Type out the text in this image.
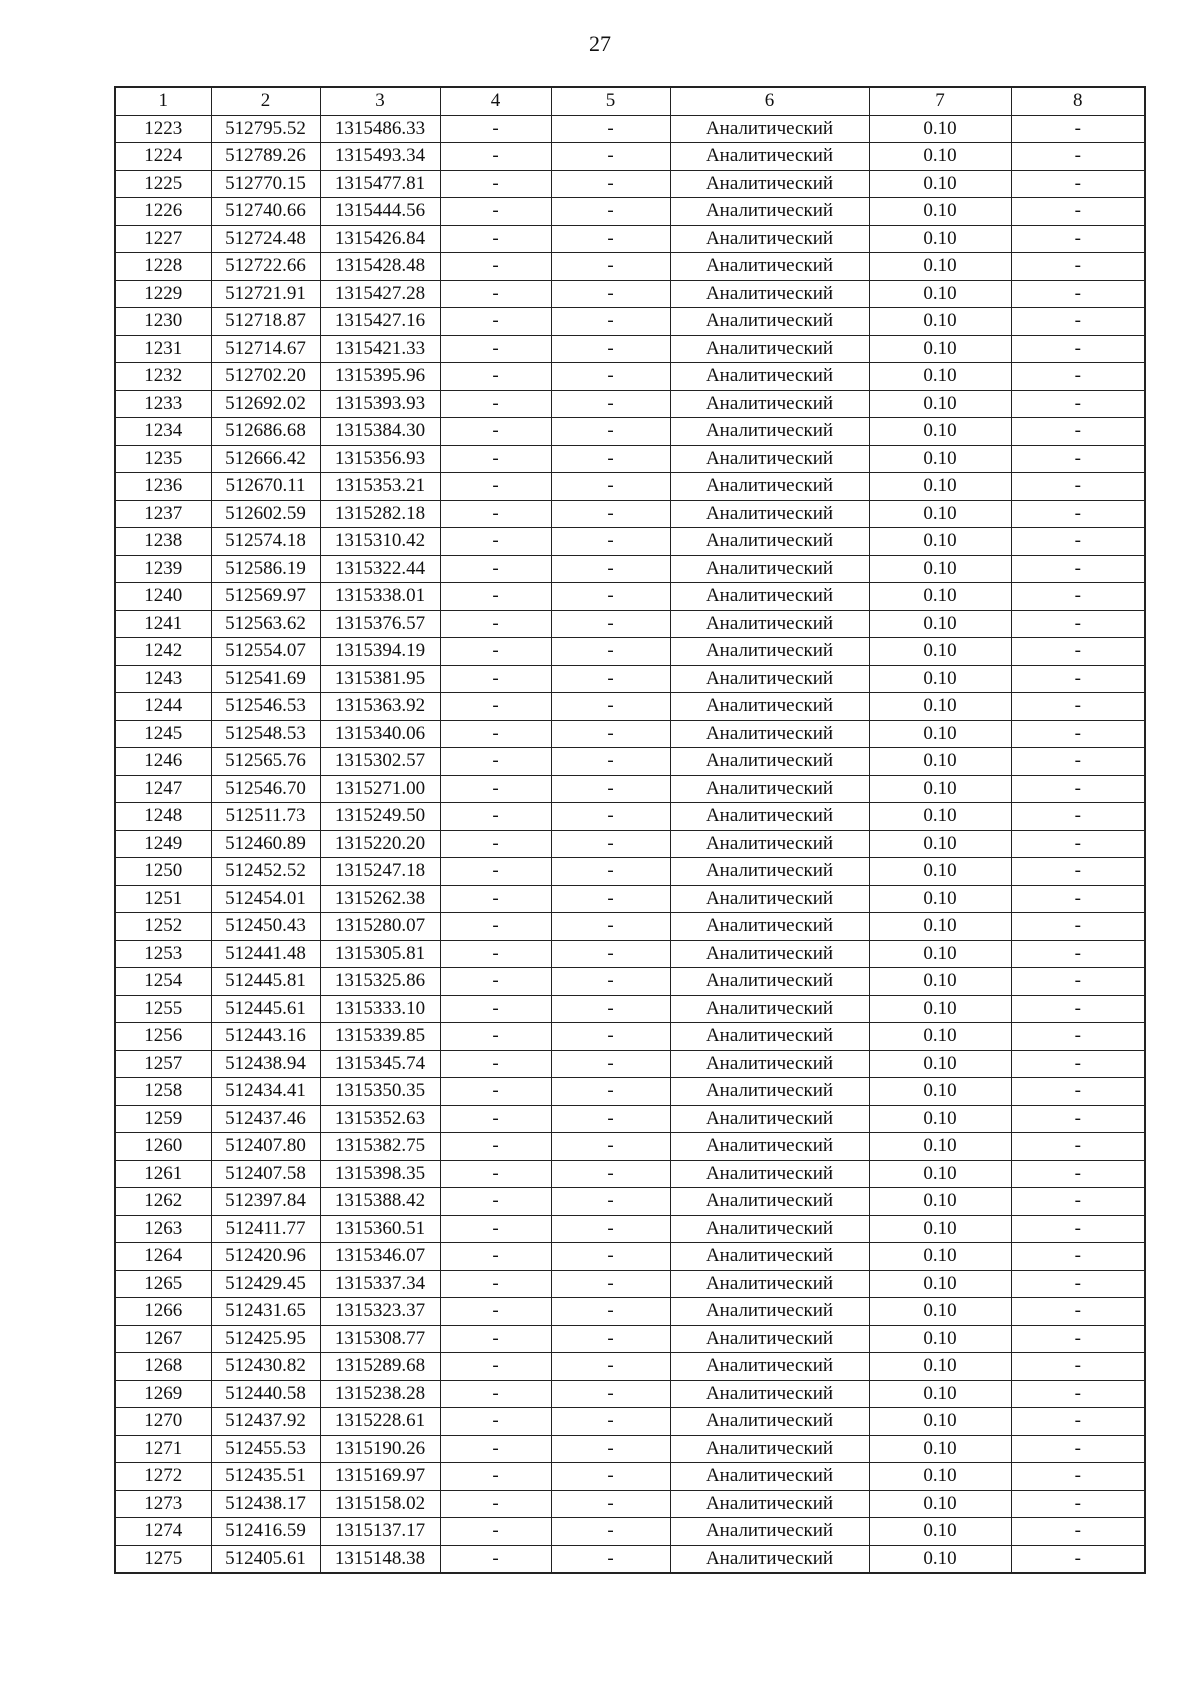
27
1	2	3	4	5	6	7	8
1223	512795.52	1315486.33	-	-	Аналитический	0.10	-
1224	512789.26	1315493.34	-	-	Аналитический	0.10	-
1225	512770.15	1315477.81	-	-	Аналитический	0.10	-
1226	512740.66	1315444.56	-	-	Аналитический	0.10	-
1227	512724.48	1315426.84	-	-	Аналитический	0.10	-
1228	512722.66	1315428.48	-	-	Аналитический	0.10	-
1229	512721.91	1315427.28	-	-	Аналитический	0.10	-
1230	512718.87	1315427.16	-	-	Аналитический	0.10	-
1231	512714.67	1315421.33	-	-	Аналитический	0.10	-
1232	512702.20	1315395.96	-	-	Аналитический	0.10	-
1233	512692.02	1315393.93	-	-	Аналитический	0.10	-
1234	512686.68	1315384.30	-	-	Аналитический	0.10	-
1235	512666.42	1315356.93	-	-	Аналитический	0.10	-
1236	512670.11	1315353.21	-	-	Аналитический	0.10	-
1237	512602.59	1315282.18	-	-	Аналитический	0.10	-
1238	512574.18	1315310.42	-	-	Аналитический	0.10	-
1239	512586.19	1315322.44	-	-	Аналитический	0.10	-
1240	512569.97	1315338.01	-	-	Аналитический	0.10	-
1241	512563.62	1315376.57	-	-	Аналитический	0.10	-
1242	512554.07	1315394.19	-	-	Аналитический	0.10	-
1243	512541.69	1315381.95	-	-	Аналитический	0.10	-
1244	512546.53	1315363.92	-	-	Аналитический	0.10	-
1245	512548.53	1315340.06	-	-	Аналитический	0.10	-
1246	512565.76	1315302.57	-	-	Аналитический	0.10	-
1247	512546.70	1315271.00	-	-	Аналитический	0.10	-
1248	512511.73	1315249.50	-	-	Аналитический	0.10	-
1249	512460.89	1315220.20	-	-	Аналитический	0.10	-
1250	512452.52	1315247.18	-	-	Аналитический	0.10	-
1251	512454.01	1315262.38	-	-	Аналитический	0.10	-
1252	512450.43	1315280.07	-	-	Аналитический	0.10	-
1253	512441.48	1315305.81	-	-	Аналитический	0.10	-
1254	512445.81	1315325.86	-	-	Аналитический	0.10	-
1255	512445.61	1315333.10	-	-	Аналитический	0.10	-
1256	512443.16	1315339.85	-	-	Аналитический	0.10	-
1257	512438.94	1315345.74	-	-	Аналитический	0.10	-
1258	512434.41	1315350.35	-	-	Аналитический	0.10	-
1259	512437.46	1315352.63	-	-	Аналитический	0.10	-
1260	512407.80	1315382.75	-	-	Аналитический	0.10	-
1261	512407.58	1315398.35	-	-	Аналитический	0.10	-
1262	512397.84	1315388.42	-	-	Аналитический	0.10	-
1263	512411.77	1315360.51	-	-	Аналитический	0.10	-
1264	512420.96	1315346.07	-	-	Аналитический	0.10	-
1265	512429.45	1315337.34	-	-	Аналитический	0.10	-
1266	512431.65	1315323.37	-	-	Аналитический	0.10	-
1267	512425.95	1315308.77	-	-	Аналитический	0.10	-
1268	512430.82	1315289.68	-	-	Аналитический	0.10	-
1269	512440.58	1315238.28	-	-	Аналитический	0.10	-
1270	512437.92	1315228.61	-	-	Аналитический	0.10	-
1271	512455.53	1315190.26	-	-	Аналитический	0.10	-
1272	512435.51	1315169.97	-	-	Аналитический	0.10	-
1273	512438.17	1315158.02	-	-	Аналитический	0.10	-
1274	512416.59	1315137.17	-	-	Аналитический	0.10	-
1275	512405.61	1315148.38	-	-	Аналитический	0.10	-
